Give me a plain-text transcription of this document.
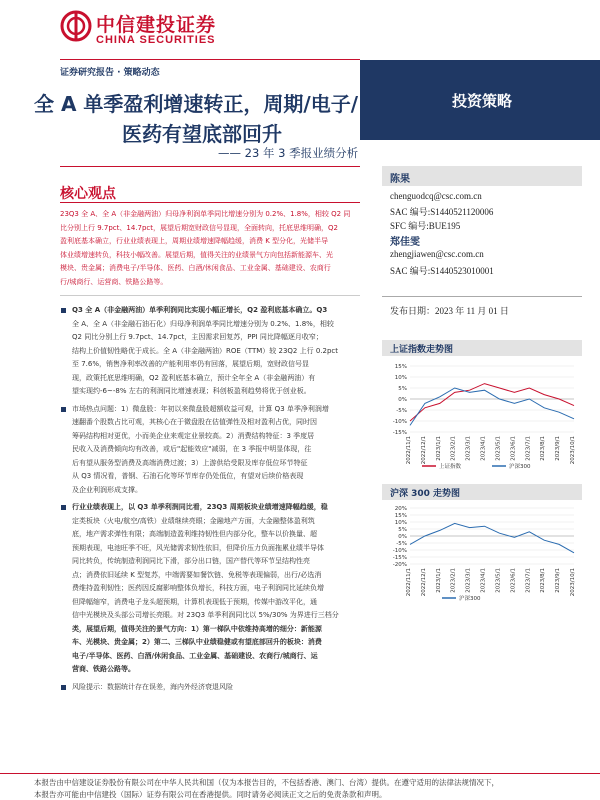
中信建投证券
CHINA SECURITIES
证券研究报告 · 策略动态
全 A 单季盈利增速转正，周期/电子/
医药有望底部回升
—— 23 年 3 季报业绩分析
投资策略
核心观点
23Q3 全 A、全 A（非金融两油）归母净利润单季同比增速分别为 0.2%、1.8%，相较 Q2 同
比分别上行 9.7pct、14.7pct，展望后期宽财政信号显现，全面转向，托底思维明确，Q2
盈利底基本确立，行业业绩表现上，周期业绩增速降幅趋缓，消费 K 型分化，光储半导
体业绩增速转负，科技小幅改善。展望后期，值得关注的业绩景气方向包括新能源车、光
模块、贵金属；消费电子/半导体、医药、白酒/休闲食品、工业金属、基础建设、农商行
行/城商行、运营商、铁路公路等。
Q3 全 A（非金融两油）单季利润同比实现小幅正增长，Q2 盈利底基本确立。Q3
全 A、全 A（非金融石油石化）归母净利润单季同比增速分别为 0.2%、1.8%，相较
Q2 同比分别上行 9.7pct、14.7pct，主因需求回复苏，PPI 同比降幅逐月收窄；
结构上价值韧性略优于成长。全 A（非金融两油）ROE（TTM）较 23Q2 上行 0.2pct
至 7.6%，销售净利率改善的产能利用率仍有回落，展望后期，宽财政信号显
现，政策托底思维明确，Q2 盈利底基本确立，预计全年全 A（非金融两油）有
望实现约-6~-8% 左右的利润同比增速表现；科创板盈利趋势将优于创业板。
市场热点问题：1）微盘股：年初以来微盘股超额收益可观，计算 Q3 单季净利润增
速翻番个股数占比可观，其核心在于微盘股在估值弹性及相对盈利占优，同时因
筹码结构相对更优，小而美企业来观定业景较高。2）消费结构特征：3 季度居
民收入及消费倾向均有改善，或后"起能效应"减弱，在 3 季报中明显体现，往
后有望从服务型消费及高端消费过渡；3）上游供给受限及库存低位环节特征
从 Q3 情况看，普钢、石油石化等环节库存仍处低位，有望对后续价格表现
及企业利润形成支撑。
行业业绩表现上，以 Q3 单季利润同比看，23Q3 周期板块业绩增速降幅趋缓，稳
定类板块（火电/航空/高铁）业绩继续亮眼；金融地产方面，大金融整体盈利筑
底，地产需求弹性有限；高端制造盈利维持韧性但内部分化，整车以价换量、超
预期表现，电池旺季不旺，风光储需求韧性依旧，但降价压力负面拖累业绩半导体
同比转负，传统制造利润同比下滑，部分出口链，国产替代等环节呈结构性亮
点；消费依旧延续 K 型复苏，中端需要如餐饮链、免税等表现偏弱，出行/必选消
费维持盈利韧性；医药因反腐影响整体负增长，科技方面，电子利润同比延续负增
但降幅缩窄，消费电子龙头超预期，计算机表现低于预期，传媒中游改平化，通
信中光模块及头部公司增长亮眼。对 23Q3 单季利润同比以 5%/30% 为界进行三档分
类，展望后期，值得关注的景气方向：1）第一梯队中依维持高增的细分：新能源
车、光模块、贵金属；2）第二、三梯队中业绩稳健或有望底部回升的板块：消费
电子/半导体、医药、白酒/休闲食品、工业金属、基础建设、农商行/城商行、运
营商、铁路公路等。
风险提示：数据统计存在误差，海内外经济衰退风险
陈果
chenguodcq@csc.com.cn
SAC 编号:S1440521120006
SFC 编号:BUE195
郑佳雯
zhengjiawen@csc.com.cn
SAC 编号:S1440523010001
发布日期：2023 年 11 月 01 日
上证指数走势图
15%
10%
5%
0%
-5%
-10%
-15%
2022/11/1 2022/12/1 2023/1/1 2023/2/1 2023/3/1 2023/4/1 2023/5/1 2023/6/1 2023/7/1 2023/8/1 2023/9/1 2023/10/1
上证指数	沪深300
沪深 300 走势图
20%
15%
10%
5%
0%
-5%
-10%
-15%
-20%
2022/11/1 2022/12/1 2023/1/1 2023/2/1 2023/3/1 2023/4/1 2023/5/1 2023/6/1 2023/7/1 2023/8/1 2023/9/1 2023/10/1
沪深300
本报告由中信建设证券股份有限公司在中华人民共和国（仅为本报告目的，不包括香港、澳门、台湾）提供。在遵守适用的法律法规情况下，
本报告亦可能由中信建投（国际）证券有限公司在香港提供。同时请务必阅读正文之后的免责条款和声明。
